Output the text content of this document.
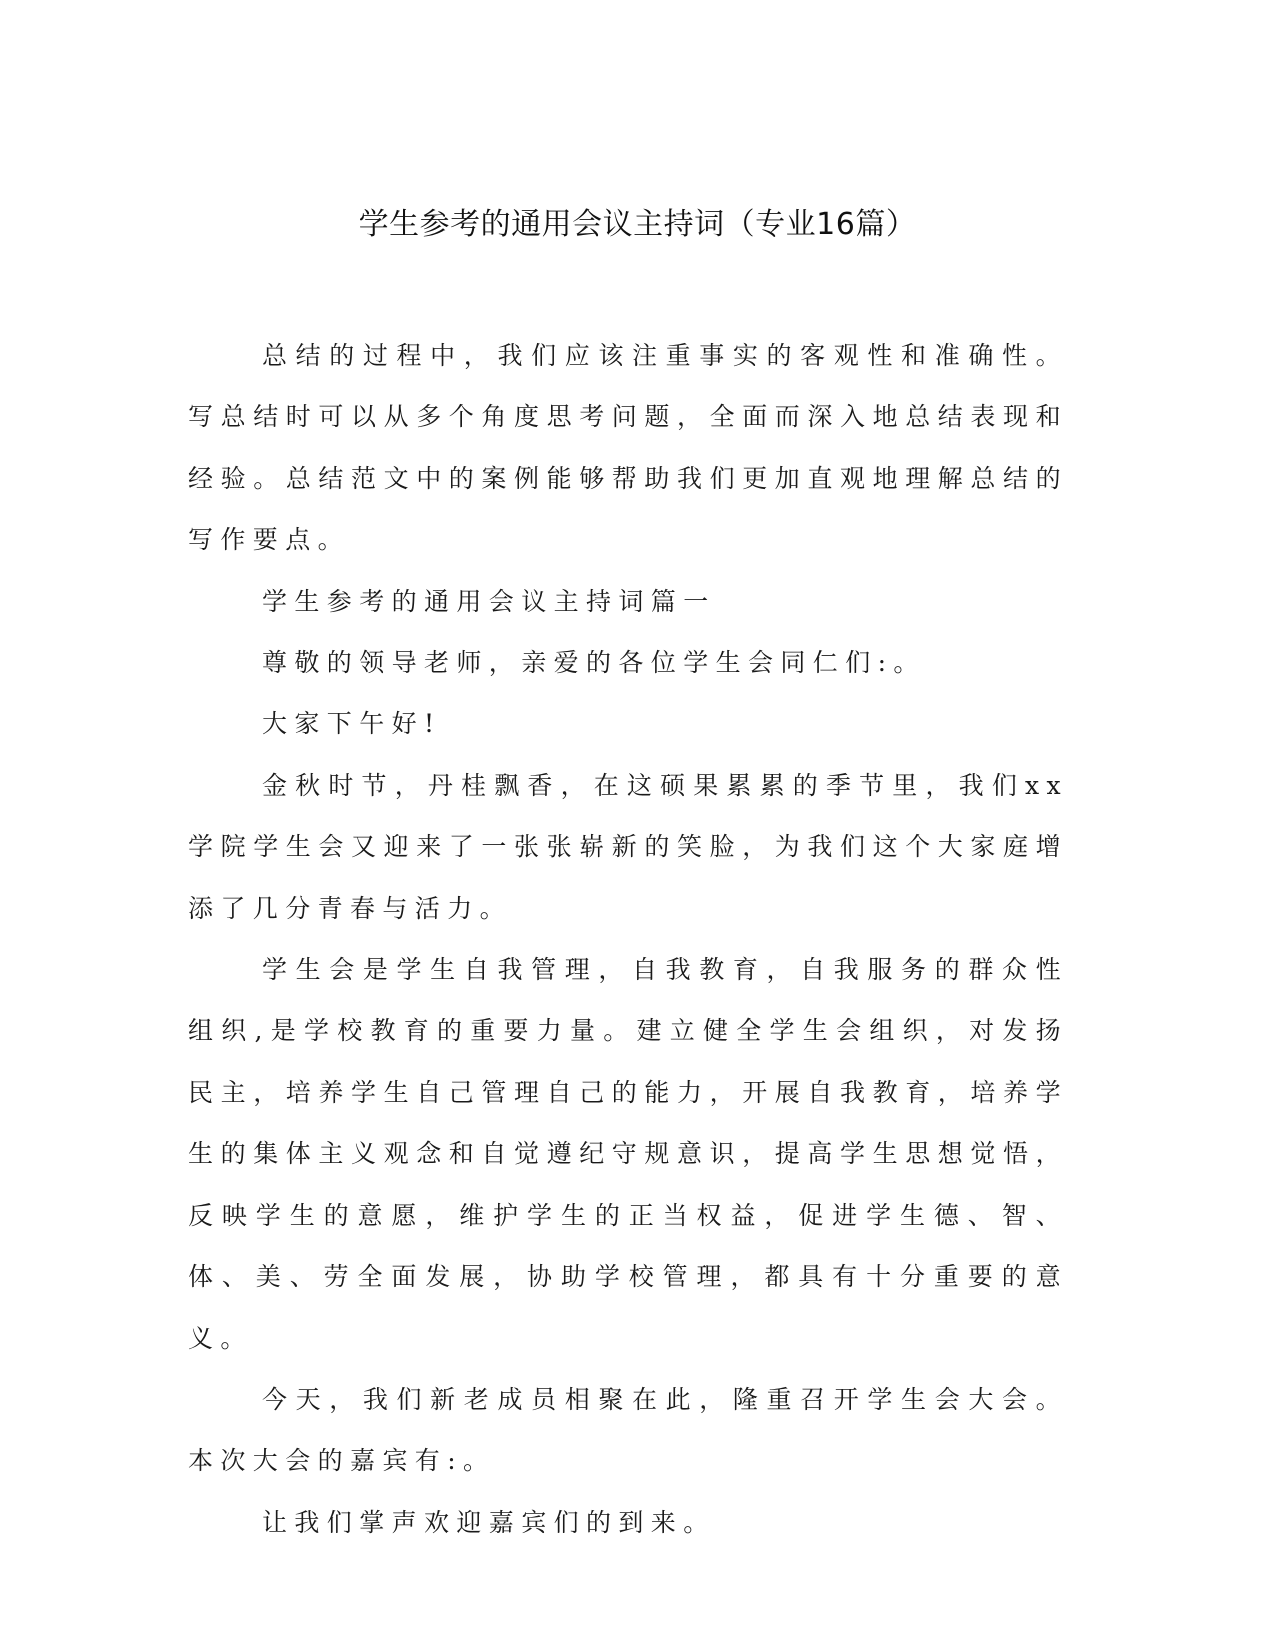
学生参考的通用会议主持词（专业16篇）

总结的过程中，我们应该注重事实的客观性和准确性。写总结时可以从多个角度思考问题，全面而深入地总结表现和经验。总结范文中的案例能够帮助我们更加直观地理解总结的写作要点。

学生参考的通用会议主持词篇一

尊敬的领导老师，亲爱的各位学生会同仁们:。

大家下午好!

金秋时节，丹桂飘香，在这硕果累累的季节里，我们xx学院学生会又迎来了一张张崭新的笑脸，为我们这个大家庭增添了几分青春与活力。

学生会是学生自我管理，自我教育，自我服务的群众性组织,是学校教育的重要力量。建立健全学生会组织，对发扬民主，培养学生自己管理自己的能力，开展自我教育，培养学生的集体主义观念和自觉遵纪守规意识，提高学生思想觉悟，反映学生的意愿，维护学生的正当权益，促进学生德、智、体、美、劳全面发展，协助学校管理，都具有十分重要的意义。

今天，我们新老成员相聚在此，隆重召开学生会大会。本次大会的嘉宾有:。

让我们掌声欢迎嘉宾们的到来。
